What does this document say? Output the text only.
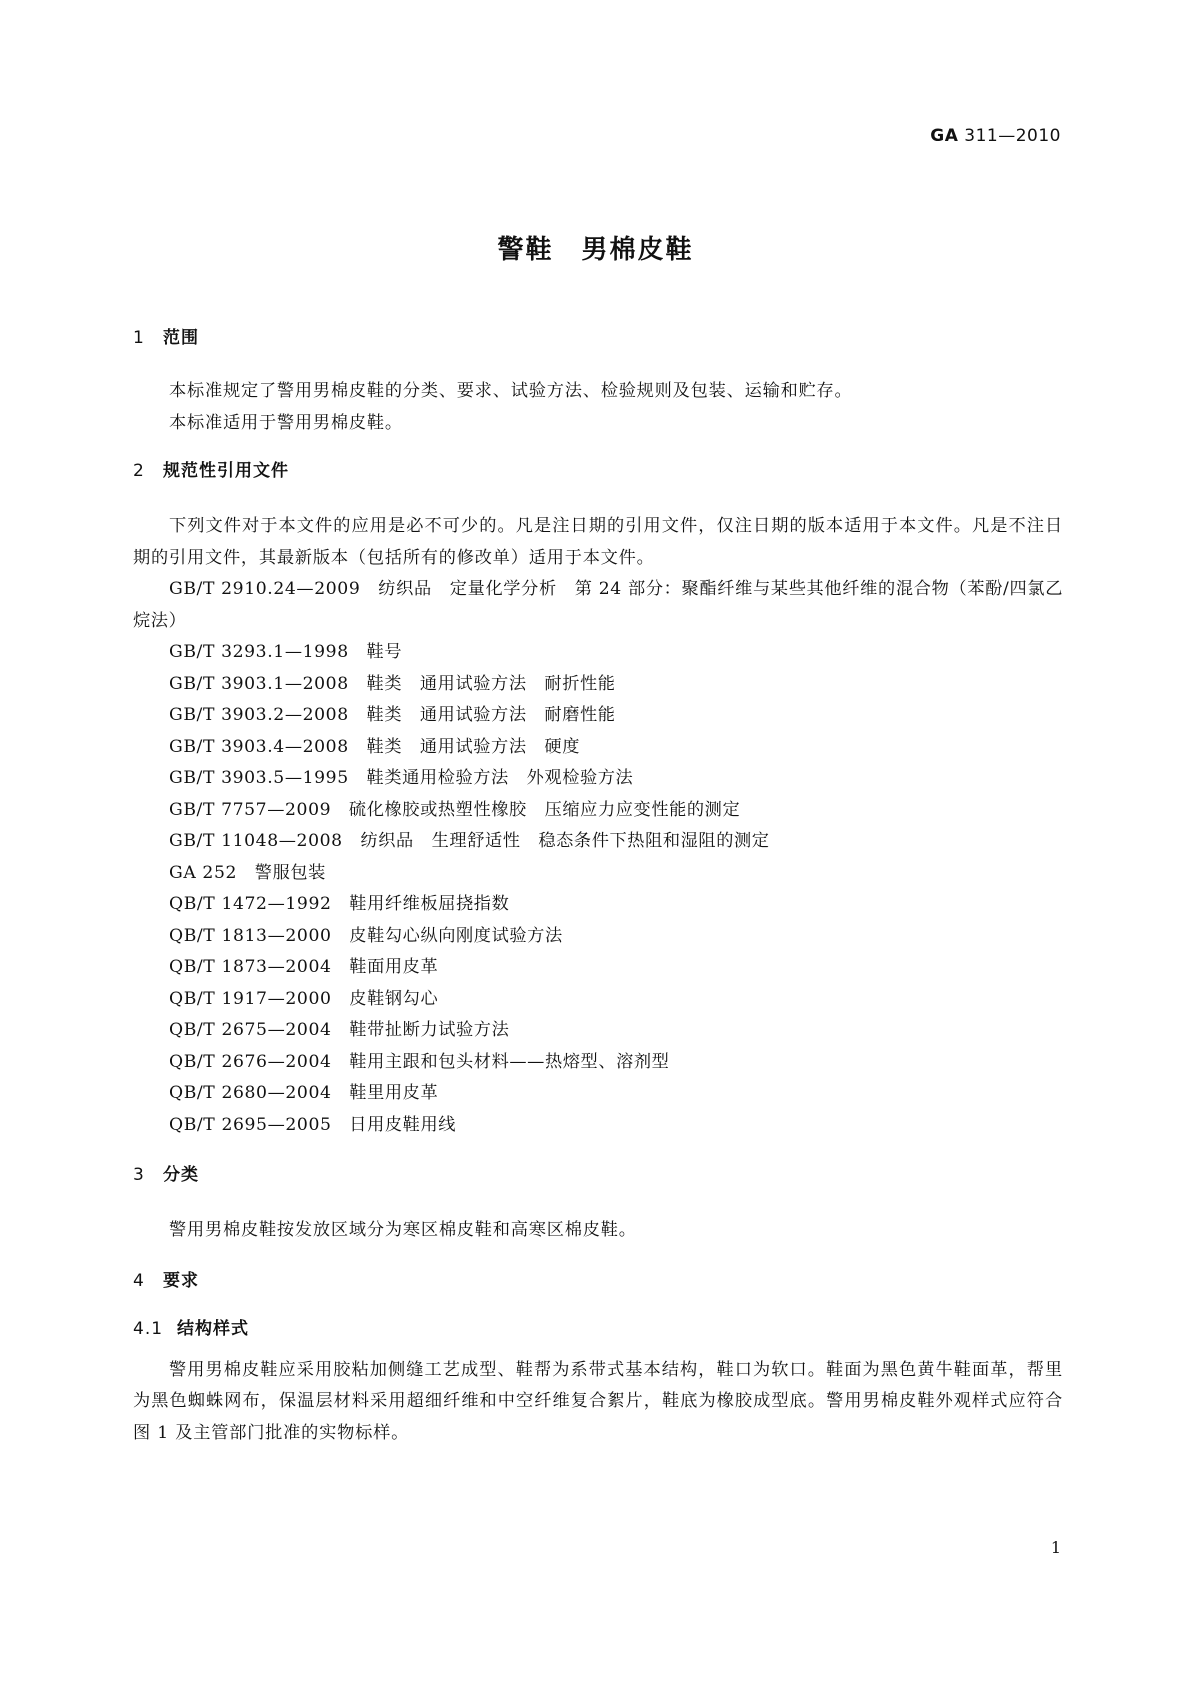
GA 311—2010
警鞋　男棉皮鞋
1 范围

本标准规定了警用男棉皮鞋的分类、要求、试验方法、检验规则及包装、运输和贮存。

本标准适用于警用男棉皮鞋。

2 规范性引用文件

下列文件对于本文件的应用是必不可少的。凡是注日期的引用文件，仅注日期的版本适用于本文件。凡是不注日期的引用文件，其最新版本（包括所有的修改单）适用于本文件。

GB/T 2910.24—2009　纺织品　定量化学分析　第 24 部分：聚酯纤维与某些其他纤维的混合物（苯酚/四氯乙烷法）

GB/T 3293.1—1998　鞋号

GB/T 3903.1—2008　鞋类　通用试验方法　耐折性能

GB/T 3903.2—2008　鞋类　通用试验方法　耐磨性能

GB/T 3903.4—2008　鞋类　通用试验方法　硬度

GB/T 3903.5—1995　鞋类通用检验方法　外观检验方法

GB/T 7757—2009　硫化橡胶或热塑性橡胶　压缩应力应变性能的测定

GB/T 11048—2008　纺织品　生理舒适性　稳态条件下热阻和湿阻的测定

GA 252　警服包装

QB/T 1472—1992　鞋用纤维板屈挠指数

QB/T 1813—2000　皮鞋勾心纵向刚度试验方法

QB/T 1873—2004　鞋面用皮革

QB/T 1917—2000　皮鞋钢勾心

QB/T 2675—2004　鞋带扯断力试验方法

QB/T 2676—2004　鞋用主跟和包头材料——热熔型、溶剂型

QB/T 2680—2004　鞋里用皮革

QB/T 2695—2005　日用皮鞋用线

3 分类

警用男棉皮鞋按发放区域分为寒区棉皮鞋和高寒区棉皮鞋。

4 要求
4.1 结构样式

警用男棉皮鞋应采用胶粘加侧缝工艺成型、鞋帮为系带式基本结构，鞋口为软口。鞋面为黑色黄牛鞋面革，帮里为黑色蜘蛛网布，保温层材料采用超细纤维和中空纤维复合絮片，鞋底为橡胶成型底。警用男棉皮鞋外观样式应符合图 1 及主管部门批准的实物标样。

1
